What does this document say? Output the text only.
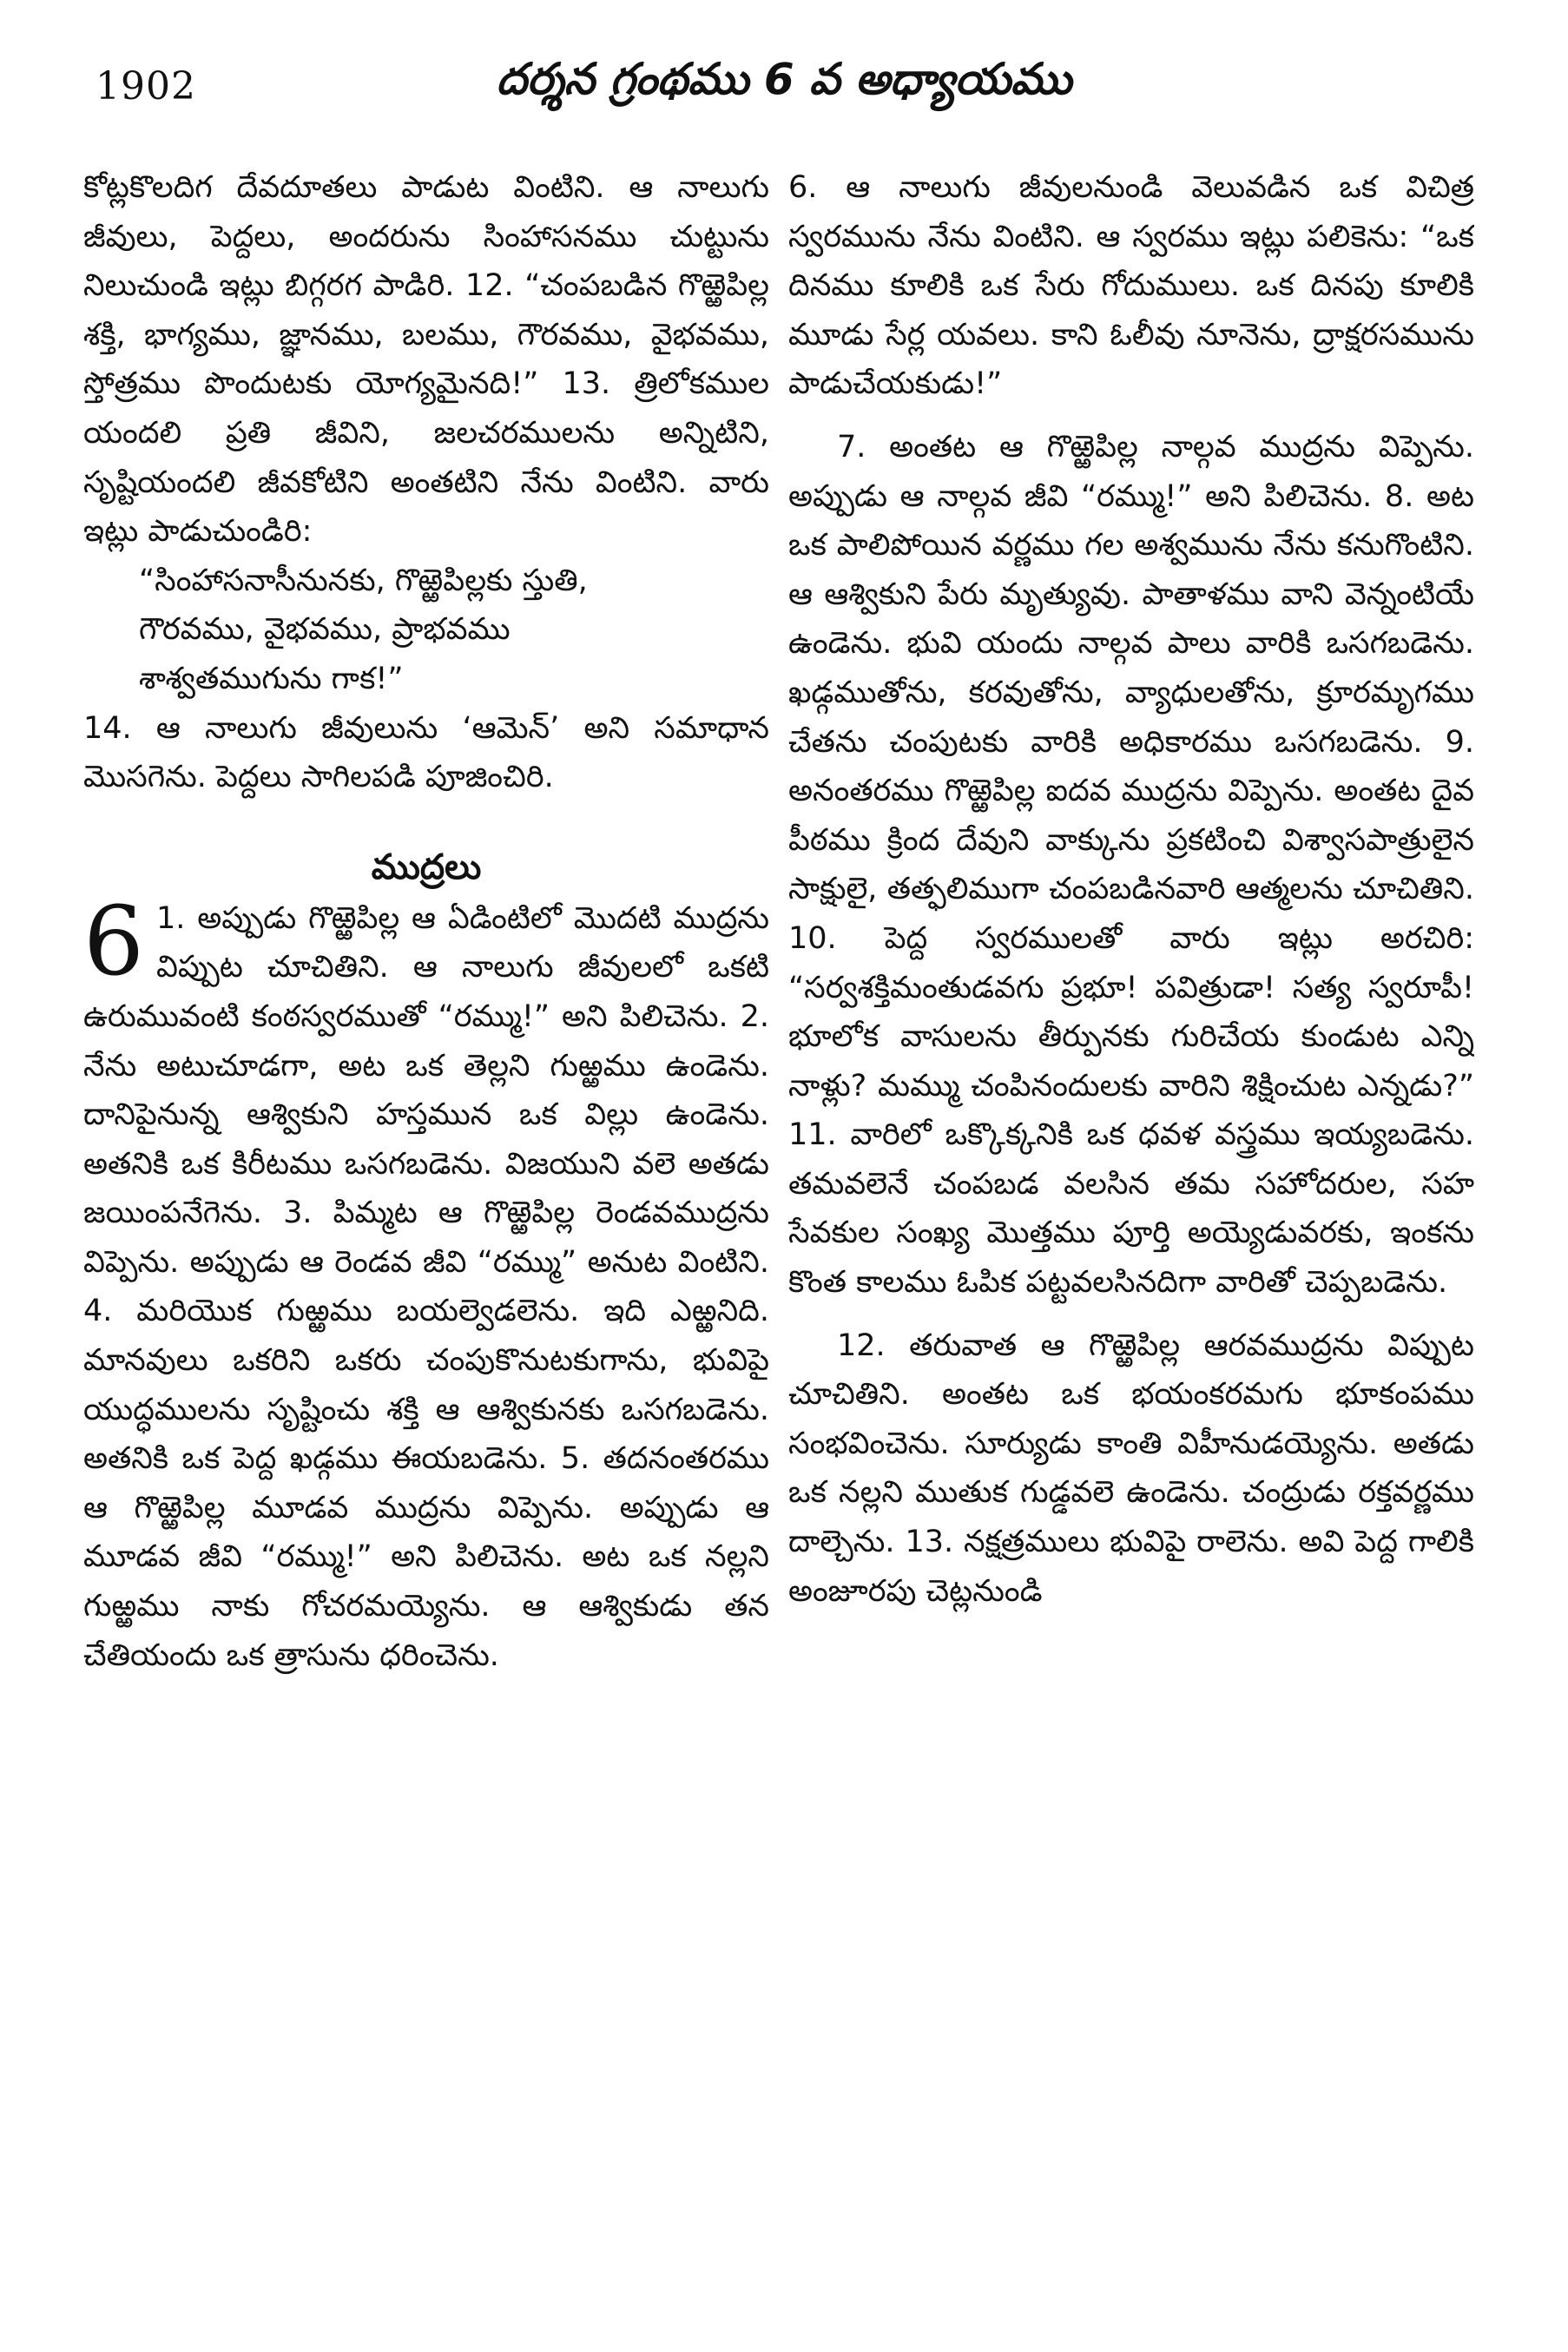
1902	దర్శన గ్రంథము 6 వ అధ్యాయము

కోట్లకొలదిగ దేవదూతలు పాడుట వింటిని. ఆ నాలుగు జీవులు, పెద్దలు, అందరును సింహాసనము చుట్టును నిలుచుండి ఇట్లు బిగ్గరగ పాడిరి. 12. “చంపబడిన గొఱ్ఱెపిల్ల శక్తి, భాగ్యము, జ్ఞానము, బలము, గౌరవము, వైభవము, స్తోత్రము పొందుటకు యోగ్యమైనది!” 13. త్రిలోకముల యందలి ప్రతి జీవిని, జలచరములను అన్నిటిని, సృష్టియందలి జీవకోటిని అంతటిని నేను వింటిని. వారు ఇట్లు పాడుచుండిరి:

“సింహాసనాసీనునకు, గొఱ్ఱెపిల్లకు స్తుతి,
గౌరవము, వైభవము, ప్రాభవము
శాశ్వతముగును గాక!”

14. ఆ నాలుగు జీవులును ‘ఆమెన్’ అని సమాధాన మొసగెను. పెద్దలు సాగిలపడి పూజించిరి.

ముద్రలు
6 1. అప్పుడు గొఱ్ఱెపిల్ల ఆ ఏడింటిలో మొదటి ముద్రను విప్పుట చూచితిని. ఆ నాలుగు జీవులలో ఒకటి ఉరుమువంటి కంఠస్వరముతో “రమ్ము!” అని పిలిచెను. 2. నేను అటుచూడగా, అట ఒక తెల్లని గుఱ్ఱము ఉండెను. దానిపైనున్న ఆశ్వికుని హస్తమున ఒక విల్లు ఉండెను. అతనికి ఒక కిరీటము ఒసగబడెను. విజయుని వలె అతడు జయింపనేగెను. 3. పిమ్మట ఆ గొఱ్ఱెపిల్ల రెండవముద్రను విప్పెను. అప్పుడు ఆ రెండవ జీవి “రమ్ము” అనుట వింటిని. 4. మరియొక గుఱ్ఱము బయల్వెడలెను. ఇది ఎఱ్ఱనిది. మానవులు ఒకరిని ఒకరు చంపుకొనుటకుగాను, భువిపై యుద్ధములను సృష్టించు శక్తి ఆ ఆశ్వికునకు ఒసగబడెను. అతనికి ఒక పెద్ద ఖడ్గము ఈయబడెను. 5. తదనంతరము ఆ గొఱ్ఱెపిల్ల మూడవ ముద్రను విప్పెను. అప్పుడు ఆ మూడవ జీవి “రమ్ము!” అని పిలిచెను. అట ఒక నల్లని గుఱ్ఱము నాకు గోచరమయ్యెను. ఆ ఆశ్వికుడు తన చేతియందు ఒక త్రాసును ధరించెను.

6. ఆ నాలుగు జీవులనుండి వెలువడిన ఒక విచిత్ర స్వరమును నేను వింటిని. ఆ స్వరము ఇట్లు పలికెను: “ఒక దినము కూలికి ఒక సేరు గోదుములు. ఒక దినపు కూలికి మూడు సేర్ల యవలు. కాని ఓలీవు నూనెను, ద్రాక్షరసమును పాడుచేయకుడు!”

7. అంతట ఆ గొఱ్ఱెపిల్ల నాల్గవ ముద్రను విప్పెను. అప్పుడు ఆ నాల్గవ జీవి “రమ్ము!” అని పిలిచెను. 8. అట ఒక పాలిపోయిన వర్ణము గల అశ్వమును నేను కనుగొంటిని. ఆ ఆశ్వికుని పేరు మృత్యువు. పాతాళము వాని వెన్నంటియే ఉండెను. భువి యందు నాల్గవ పాలు వారికి ఒసగబడెను. ఖడ్గముతోను, కరవుతోను, వ్యాధులతోను, క్రూరమృగము చేతను చంపుటకు వారికి అధికారము ఒసగబడెను. 9. అనంతరము గొఱ్ఱెపిల్ల ఐదవ ముద్రను విప్పెను. అంతట దైవ పీఠము క్రింద దేవుని వాక్కును ప్రకటించి విశ్వాసపాత్రులైన సాక్షులై, తత్ఫలిముగా చంపబడినవారి ఆత్మలను చూచితిని. 10. పెద్ద స్వరములతో వారు ఇట్లు అరచిరి: “సర్వశక్తిమంతుడవగు ప్రభూ! పవిత్రుడా! సత్య స్వరూపీ! భూలోక వాసులను తీర్పునకు గురిచేయ కుండుట ఎన్ని నాళ్లు? మమ్ము చంపినందులకు వారిని శిక్షించుట ఎన్నడు?” 11. వారిలో ఒక్కొక్కనికి ఒక ధవళ వస్త్రము ఇయ్యబడెను. తమవలెనే చంపబడ వలసిన తమ సహోదరుల, సహ సేవకుల సంఖ్య మొత్తము పూర్తి అయ్యెడువరకు, ఇంకను కొంత కాలము ఓపిక పట్టవలసినదిగా వారితో చెప్పబడెను.

12. తరువాత ఆ గొఱ్ఱెపిల్ల ఆరవముద్రను విప్పుట చూచితిని. అంతట ఒక భయంకరమగు భూకంపము సంభవించెను. సూర్యుడు కాంతి విహీనుడయ్యెను. అతడు ఒక నల్లని ముతుక గుడ్డవలె ఉండెను. చంద్రుడు రక్తవర్ణము దాల్చెను. 13. నక్షత్రములు భువిపై రాలెను. అవి పెద్ద గాలికి అంజూరపు చెట్లనుండి
